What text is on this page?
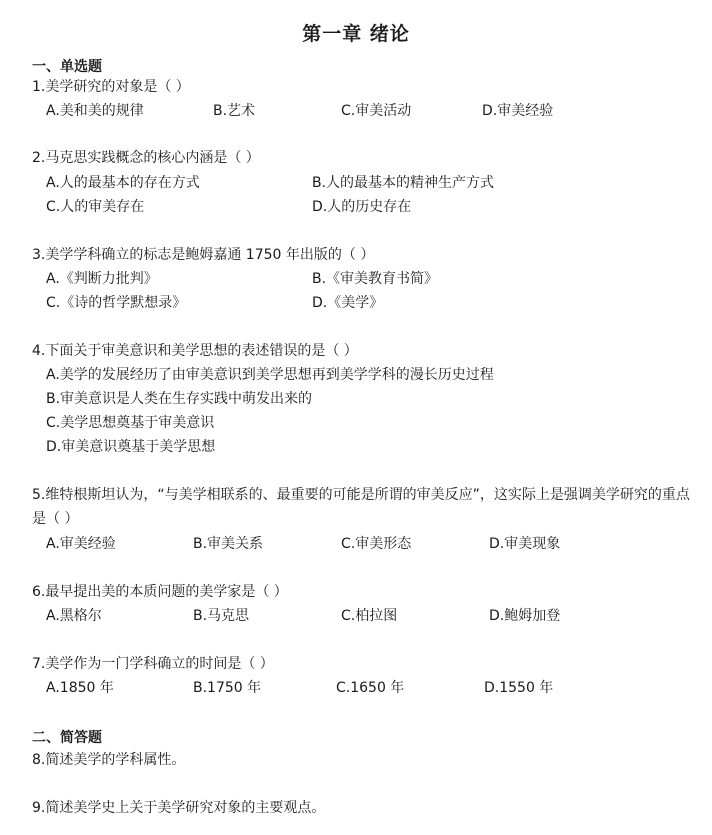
第一章 绪论
一、单选题
1.美学研究的对象是（ ）
A.美和美的规律	B.艺术	C.审美活动	D.审美经验
2.马克思实践概念的核心内涵是（ ）
A.人的最基本的存在方式	B.人的最基本的精神生产方式
C.人的审美存在	D.人的历史存在
3.美学学科确立的标志是鲍姆嘉通 1750 年出版的（ ）
A.《判断力批判》	B.《审美教育书简》
C.《诗的哲学默想录》	D.《美学》
4.下面关于审美意识和美学思想的表述错误的是（ ）
A.美学的发展经历了由审美意识到美学思想再到美学学科的漫长历史过程
B.审美意识是人类在生存实践中萌发出来的
C.美学思想奠基于审美意识
D.审美意识奠基于美学思想
5.维特根斯坦认为，“与美学相联系的、最重要的可能是所谓的审美反应”，这实际上是强调美学研究的重点是（ ）
A.审美经验	B.审美关系	C.审美形态	D.审美现象
6.最早提出美的本质问题的美学家是（ ）
A.黑格尔	B.马克思	C.柏拉图	D.鲍姆加登
7.美学作为一门学科确立的时间是（ ）
A.1850 年	B.1750 年	C.1650 年	D.1550 年
二、简答题
8.简述美学的学科属性。
9.简述美学史上关于美学研究对象的主要观点。
